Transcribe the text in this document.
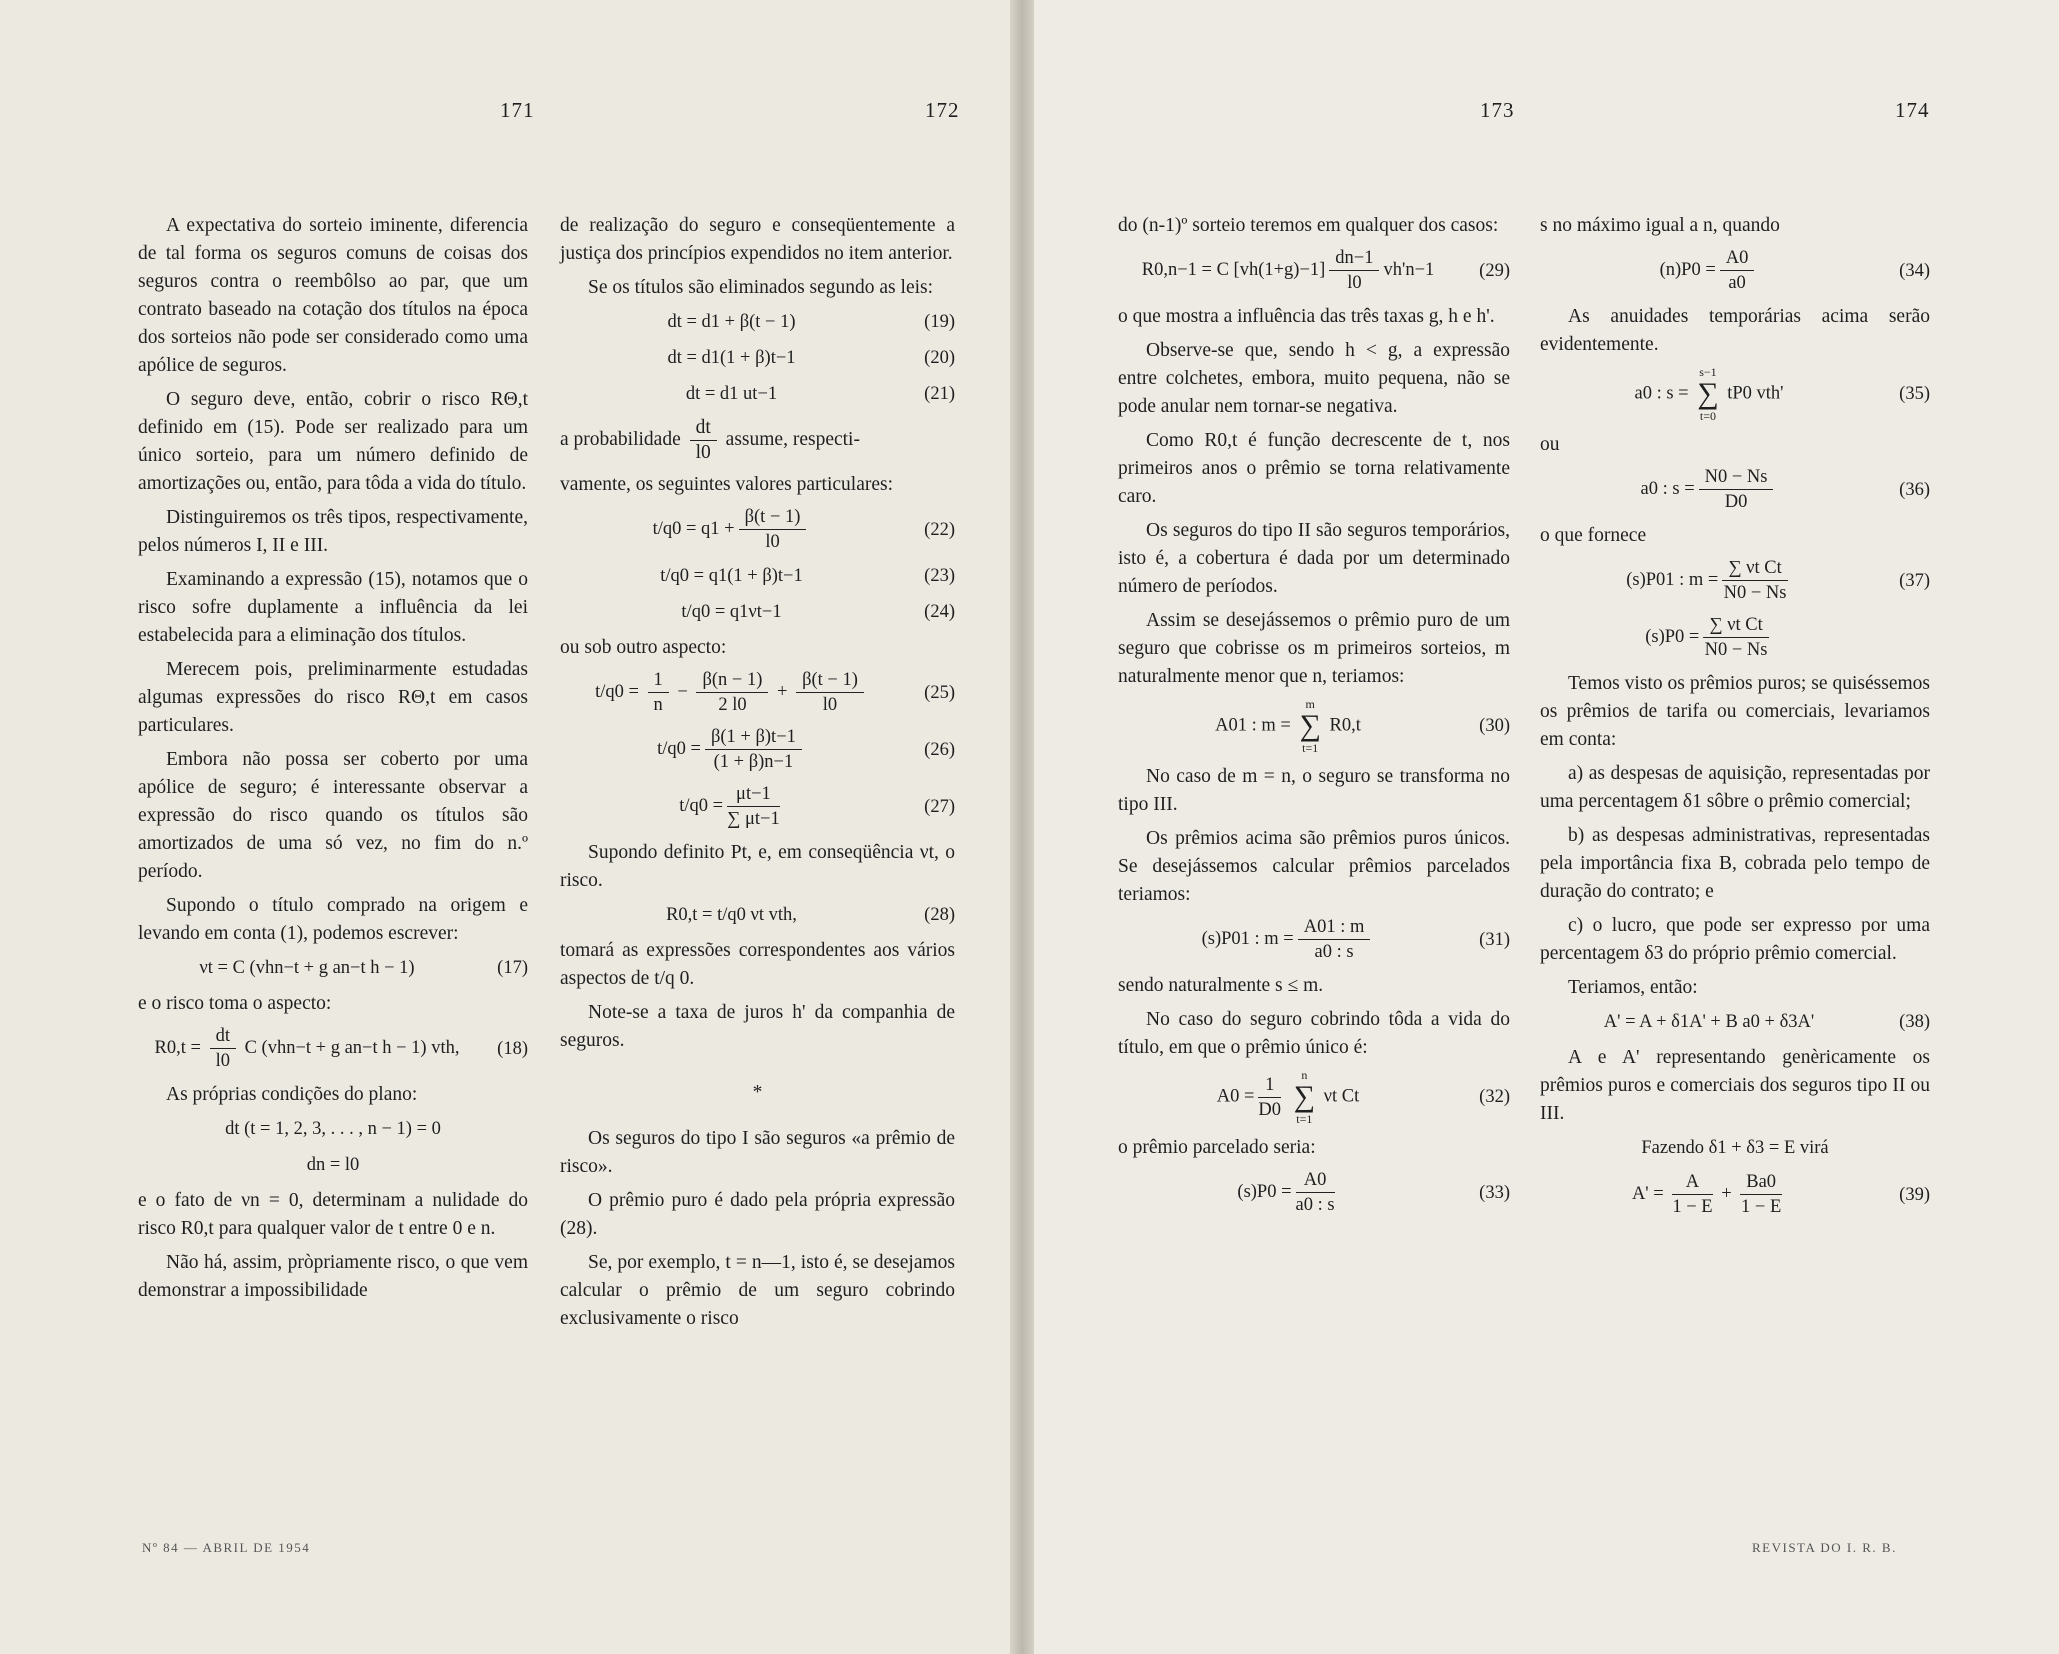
171	172	173	174

A expectativa do sorteio iminente, diferencia de tal forma os seguros comuns de coisas dos seguros contra o reembôlso ao par, que um contrato baseado na cotação dos títulos na época dos sorteios não pode ser considerado como uma apólice de seguros.

O seguro deve, então, cobrir o risco RΘ,t definido em (15). Pode ser realizado para um único sorteio, para um número definido de amortizações ou, então, para tôda a vida do título.

Distinguiremos os três tipos, respectivamente, pelos números I, II e III.

Examinando a expressão (15), notamos que o risco sofre duplamente a influência da lei estabelecida para a eliminação dos títulos.

Merecem pois, preliminarmente estudadas algumas expressões do risco RΘ,t em casos particulares.

Embora não possa ser coberto por uma apólice de seguro; é interessante observar a expressão do risco quando os títulos são amortizados de uma só vez, no fim do n.º período.

Supondo o título comprado na origem e levando em conta (1), podemos escrever:

νt = C (vhn−t + g an−t h − 1)	(17)

e o risco toma o aspecto:

$R0,t = \frac{dt}{l0}$ C (vhn−t + g an−t h − 1) vth,	(18)

As próprias condições do plano:

dt (t = 1, 2, 3, . . . , n − 1) = 0
dn = l0

e o fato de νn = 0, determinam a nulidade do risco R0,t para qualquer valor de t entre 0 e n.

Não há, assim, pròpriamente risco, o que vem demonstrar a impossibilidade

de realização do seguro e conseqüentemente a justiça dos princípios expendidos no item anterior.

Se os títulos são eliminados segundo as leis:

dt = d1 + β(t − 1)	(19)
dt = d1(1 + β)t−1	(20)
dt = d1 ut−1	(21)

a probabilidade $\frac{dt}{l0}$ assume, respecti-

vamente, os seguintes valores particulares:

$t/q0 = q1 + \frac{\beta(t - 1)}{l0}$	(22)
t/q0 = q1(1 + β)t−1	(23)
t/q0 = q1νt−1	(24)

ou sob outro aspecto:

$t/q0 = \frac{1}{n} - \frac{\beta(n - 1)}{2 l0} + \frac{\beta(t - 1)}{l0}$	(25)
$t/q0 = \frac{\beta(1 + \beta)t-1}{(1 + \beta)n-1}$	(26)
$t/q0 = \frac{\mu t-1}{\sum \mu t-1}$	(27)

Supondo definito Pt, e, em conseqüência νt, o risco.

R0,t = t/q0 νt vth,	(28)

tomará as expressões correspondentes aos vários aspectos de t/q 0.

Note-se a taxa de juros h' da companhia de seguros.

*

Os seguros do tipo I são seguros «a prêmio de risco».

O prêmio puro é dado pela própria expressão (28).

Se, por exemplo, t = n—1, isto é, se desejamos calcular o prêmio de um seguro cobrindo exclusivamente o risco

do (n-1)º sorteio teremos em qualquer dos casos:

R0,n−1 = C $[vh(1+g)-1] \frac{dn-1}{l0} vh'n-1$	(29)

o que mostra a influência das três taxas g, h e h'.

Observe-se que, sendo h < g, a expressão entre colchetes, embora, muito pequena, não se pode anular nem tornar-se negativa.

Como R0,t é função decrescente de t, nos primeiros anos o prêmio se torna relativamente caro.

Os seguros do tipo II são seguros temporários, isto é, a cobertura é dada por um determinado número de períodos.

Assim se desejássemos o prêmio puro de um seguro que cobrisse os m primeiros sorteios, m naturalmente menor que n, teriamos:

A01 : m =
m
∑
t=1
R0,t	(30)

No caso de m = n, o seguro se transforma no tipo III.

Os prêmios acima são prêmios puros únicos. Se desejássemos calcular prêmios parcelados teriamos:

(s)P01 : $m = \frac{A01 : m}{a0 : s}$	(31)

sendo naturalmente s ≤ m.

No caso do seguro cobrindo tôda a vida do título, em que o prêmio único é:

$A0 = \frac{1}{D0}$
	n
∑
t=1
νt Ct	(32)

o prêmio parcelado seria:

$(s)P0 = \frac{A0}{a0 : s}$	(33)

s no máximo igual a n, quando

$(n)P0 = \frac{A0}{a0}$	(34)

As anuidades temporárias acima serão evidentemente.

a0 : s =
s−1
∑
t=0
tP0 vth'	(35)

ou

a0 : $s = \frac{N0 - Ns}{D0}$	(36)

o que fornece

(s)P01 : $m = \frac{\text{∑ νt Ct}}{N0 - Ns}$	(37)
$(s)P0 = \frac{\text{∑ νt Ct}}{N0 - Ns}$

Temos visto os prêmios puros; se quiséssemos os prêmios de tarifa ou comerciais, levariamos em conta:

a) as despesas de aquisição, representadas por uma percentagem δ1 sôbre o prêmio comercial;

b) as despesas administrativas, representadas pela importância fixa B, cobrada pelo tempo de duração do contrato; e

c) o lucro, que pode ser expresso por uma percentagem δ3 do próprio prêmio comercial.

Teriamos, então:

A' = A + δ1A' + B a0 + δ3A'	(38)

A e A' representando genèricamente os prêmios puros e comerciais dos seguros tipo II ou III.

Fazendo δ1 + δ3 = E virá
$A' = \frac{A}{1 - E} + \frac{Ba0}{1 - E}$	(39)
Nº 84 — ABRIL DE 1954	REVISTA DO I. R. B.
